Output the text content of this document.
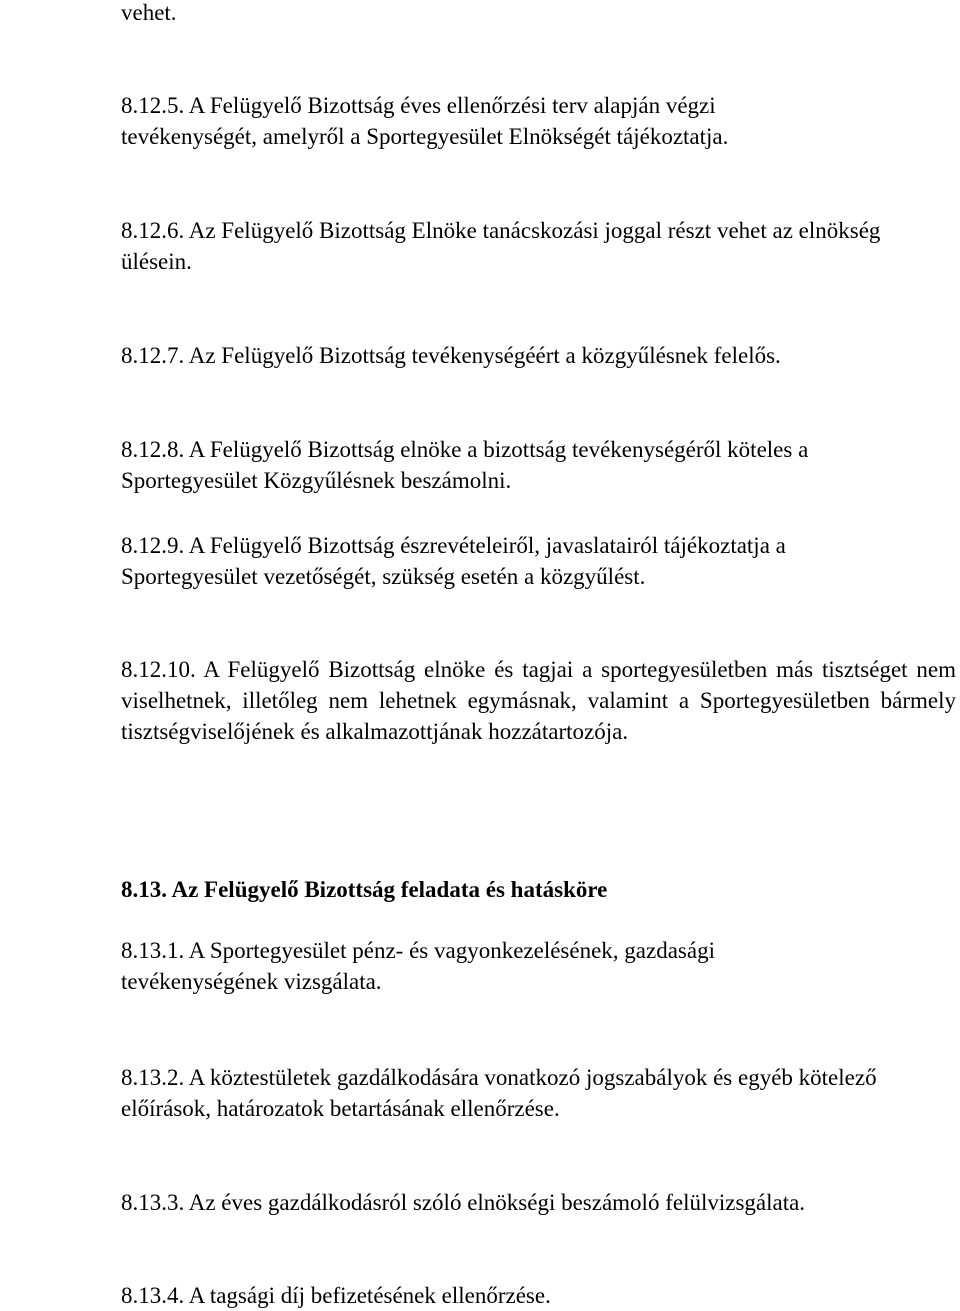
vehet.

8.12.5. A Felügyelő Bizottság éves ellenőrzési terv alapján végzi tevékenységét, amelyről a Sportegyesület Elnökségét tájékoztatja.

8.12.6. Az Felügyelő Bizottság Elnöke tanácskozási joggal részt vehet az elnökség ülésein.

8.12.7. Az Felügyelő Bizottság tevékenységéért a közgyűlésnek felelős.

8.12.8. A Felügyelő Bizottság elnöke a bizottság tevékenységéről köteles a Sportegyesület Közgyűlésnek beszámolni.

8.12.9. A Felügyelő Bizottság észrevételeiről, javaslatairól tájékoztatja a Sportegyesület vezetőségét, szükség esetén a közgyűlést.

8.12.10. A Felügyelő Bizottság elnöke és tagjai a sportegyesületben más tisztséget nem viselhetnek, illetőleg nem lehetnek egymásnak, valamint a Sportegyesületben bármely tisztségviselőjének és alkalmazottjának hozzátartozója.

8.13. Az Felügyelő Bizottság feladata és hatásköre

8.13.1. A Sportegyesület pénz- és vagyonkezelésének, gazdasági tevékenységének vizsgálata.

8.13.2. A köztestületek gazdálkodására vonatkozó jogszabályok és egyéb kötelező előírások, határozatok betartásának ellenőrzése.

8.13.3. Az éves gazdálkodásról szóló elnökségi beszámoló felülvizsgálata.

8.13.4. A tagsági díj befizetésének ellenőrzése.
